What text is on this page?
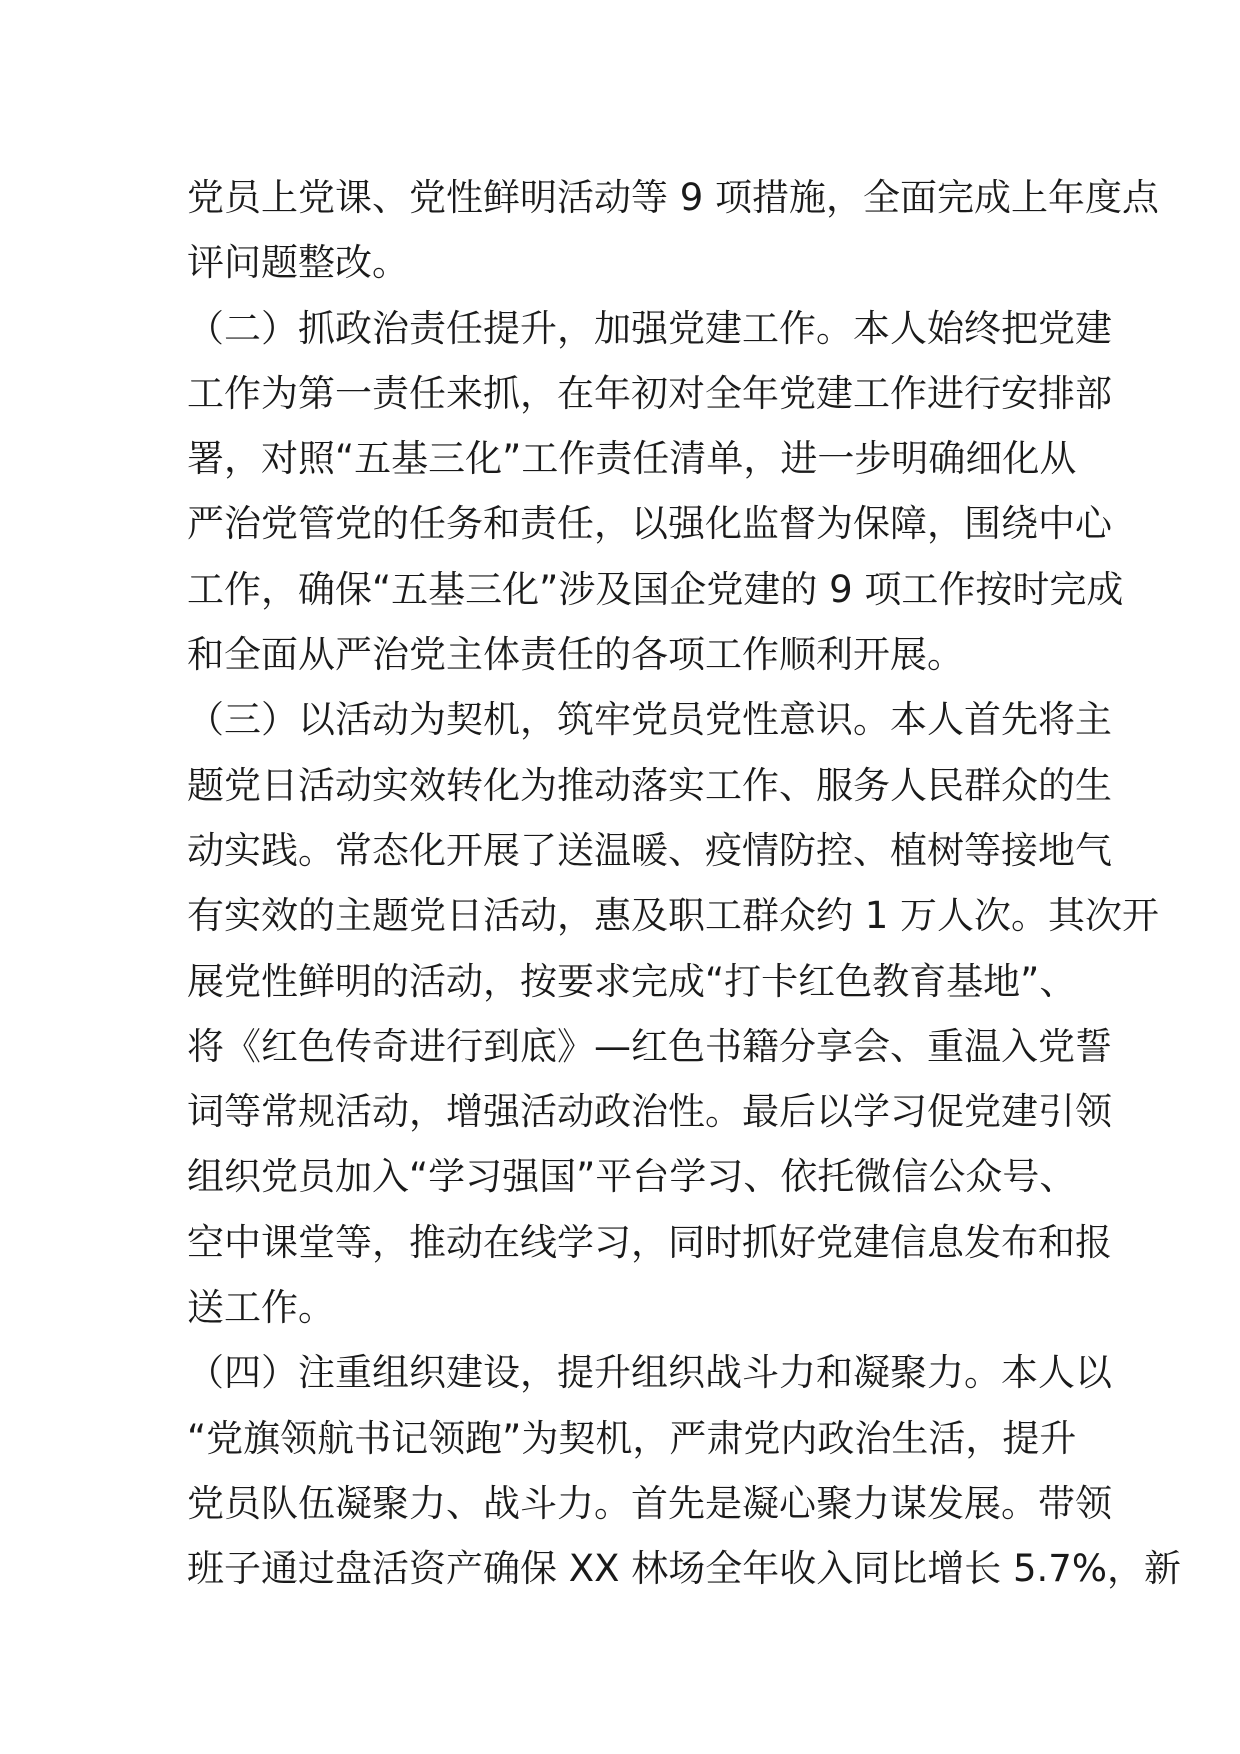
党员上党课、党性鲜明活动等 9 项措施，全面完成上年度点
评问题整改。
（二）抓政治责任提升，加强党建工作。本人始终把党建
工作为第一责任来抓，在年初对全年党建工作进行安排部
署，对照“五基三化”工作责任清单，进一步明确细化从
严治党管党的任务和责任，以强化监督为保障，围绕中心
工作，确保“五基三化”涉及国企党建的 9 项工作按时完成
和全面从严治党主体责任的各项工作顺利开展。
（三）以活动为契机，筑牢党员党性意识。本人首先将主
题党日活动实效转化为推动落实工作、服务人民群众的生
动实践。常态化开展了送温暖、疫情防控、植树等接地气
有实效的主题党日活动，惠及职工群众约 1 万人次。其次开
展党性鲜明的活动，按要求完成“打卡红色教育基地”、
将《红色传奇进行到底》—红色书籍分享会、重温入党誓
词等常规活动，增强活动政治性。最后以学习促党建引领
组织党员加入“学习强国”平台学习、依托微信公众号、
空中课堂等，推动在线学习，同时抓好党建信息发布和报
送工作。
（四）注重组织建设，提升组织战斗力和凝聚力。本人以
“党旗领航书记领跑”为契机，严肃党内政治生活，提升
党员队伍凝聚力、战斗力。首先是凝心聚力谋发展。带领
班子通过盘活资产确保 XX 林场全年收入同比增长 5.7%，新
